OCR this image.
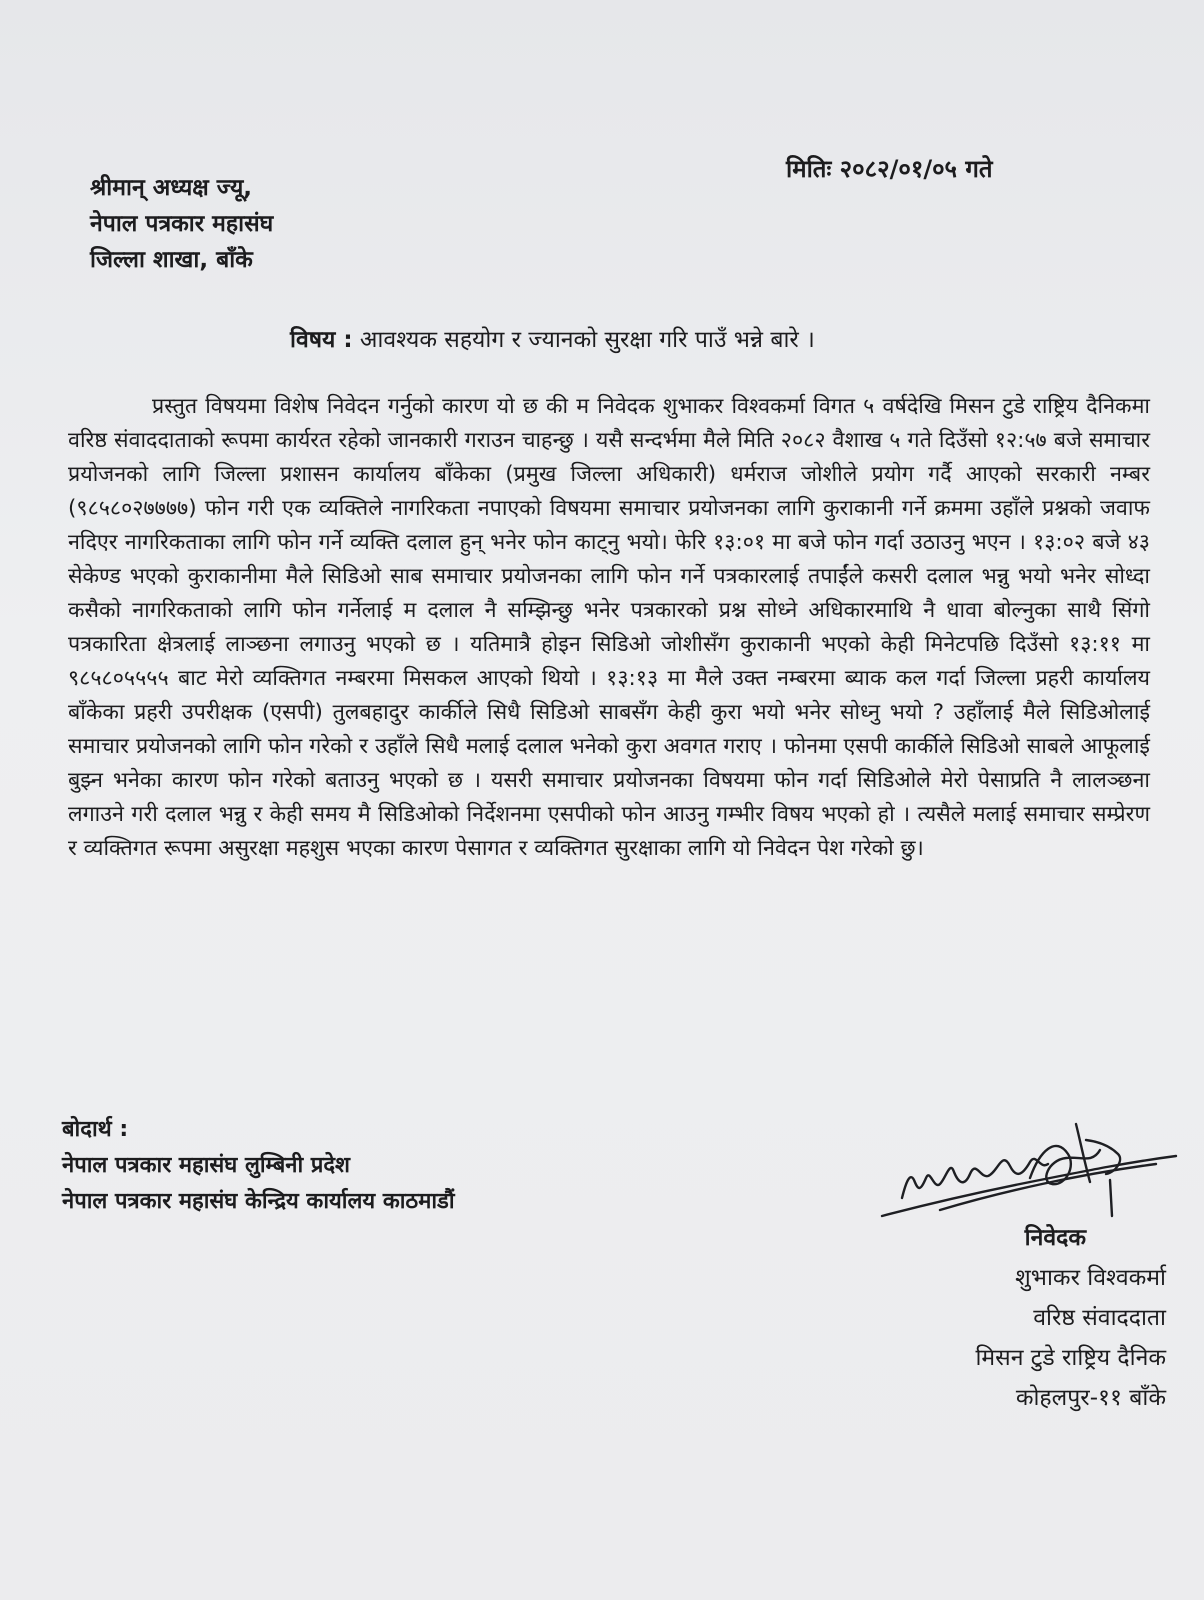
मितिः २०८२/०१/०५ गते
श्रीमान् अध्यक्ष ज्यू,
नेपाल पत्रकार महासंघ
जिल्ला शाखा, बाँके
विषय : आवश्यक सहयोग र ज्यानको सुरक्षा गरि पाउँ भन्ने बारे ।

प्रस्तुत विषयमा विशेष निवेदन गर्नुको कारण यो छ की म निवेदक शुभाकर विश्वकर्मा विगत ५ वर्षदेखि मिसन टुडे राष्ट्रिय दैनिकमा वरिष्ठ संवाददाताको रूपमा कार्यरत रहेको जानकारी गराउन चाहन्छु । यसै सन्दर्भमा मैले मिति २०८२ वैशाख ५ गते दिउँसो १२:५७ बजे समाचार प्रयोजनको लागि जिल्ला प्रशासन कार्यालय बाँकेका (प्रमुख जिल्ला अधिकारी) धर्मराज जोशीले प्रयोग गर्दै आएको सरकारी नम्बर (९८५८०२७७७७) फोन गरी एक व्यक्तिले नागरिकता नपाएको विषयमा समाचार प्रयोजनका लागि कुराकानी गर्ने क्रममा उहाँले प्रश्नको जवाफ नदिएर नागरिकताका लागि फोन गर्ने व्यक्ति दलाल हुन् भनेर फोन काट्नु भयो। फेरि १३:०१ मा बजे फोन गर्दा उठाउनु भएन । १३:०२ बजे ४३ सेकेण्ड भएको कुराकानीमा मैले सिडिओ साब समाचार प्रयोजनका लागि फोन गर्ने पत्रकारलाई तपाईंले कसरी दलाल भन्नु भयो भनेर सोध्दा कसैको नागरिकताको लागि फोन गर्नेलाई म दलाल नै सम्झिन्छु भनेर पत्रकारको प्रश्न सोध्ने अधिकारमाथि नै धावा बोल्नुका साथै सिंगो पत्रकारिता क्षेत्रलाई लाञ्छना लगाउनु भएको छ । यतिमात्रै होइन सिडिओ जोशीसँग कुराकानी भएको केही मिनेटपछि दिउँसो १३:११ मा ९८५८०५५५५ बाट मेरो व्यक्तिगत नम्बरमा मिसकल आएको थियो । १३:१३ मा मैले उक्त नम्बरमा ब्याक कल गर्दा जिल्ला प्रहरी कार्यालय बाँकेका प्रहरी उपरीक्षक (एसपी) तुलबहादुर कार्कीले सिधै सिडिओ साबसँग केही कुरा भयो भनेर सोध्नु भयो ? उहाँलाई मैले सिडिओलाई समाचार प्रयोजनको लागि फोन गरेको र उहाँले सिधै मलाई दलाल भनेको कुरा अवगत गराए । फोनमा एसपी कार्कीले सिडिओ साबले आफूलाई बुझ्न भनेका कारण फोन गरेको बताउनु भएको छ । यसरी समाचार प्रयोजनका विषयमा फोन गर्दा सिडिओले मेरो पेसाप्रति नै लालञ्छना लगाउने गरी दलाल भन्नु र केही समय मै सिडिओको निर्देशनमा एसपीको फोन आउनु गम्भीर विषय भएको हो । त्यसैले मलाई समाचार सम्प्रेरण र व्यक्तिगत रूपमा असुरक्षा महशुस भएका कारण पेसागत र व्यक्तिगत सुरक्षाका लागि यो निवेदन पेश गरेको छु।

बोदार्थ :
नेपाल पत्रकार महासंघ लुम्बिनी प्रदेश
नेपाल पत्रकार महासंघ केन्द्रिय कार्यालय काठमाडौं
निवेदक
शुभाकर विश्वकर्मा
वरिष्ठ संवाददाता
मिसन टुडे राष्ट्रिय दैनिक
कोहलपुर-११ बाँके
